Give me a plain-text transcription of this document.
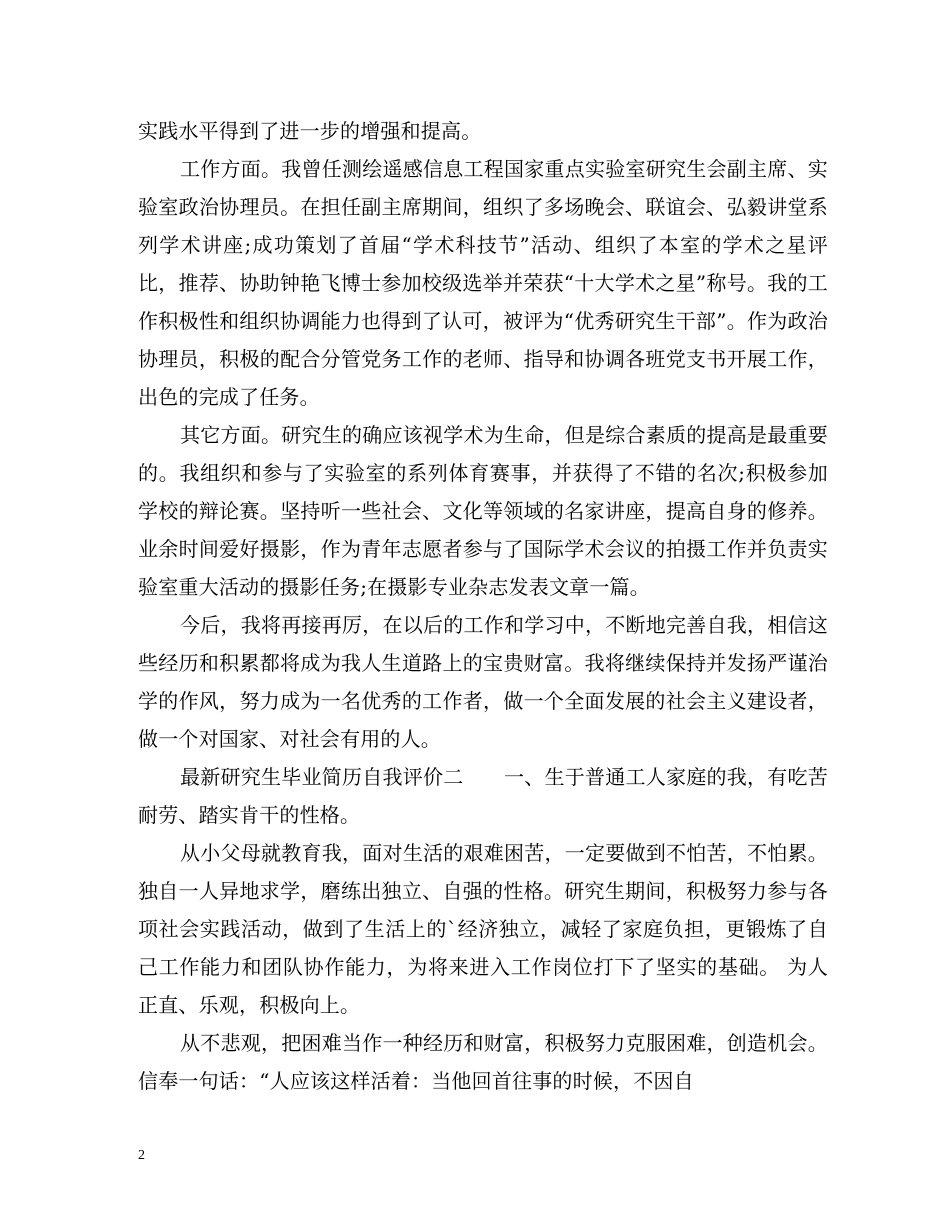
实践水平得到了进一步的增强和提高。

工作方面。我曾任测绘遥感信息工程国家重点实验室研究生会副主席、实验室政治协理员。在担任副主席期间，组织了多场晚会、联谊会、弘毅讲堂系列学术讲座;成功策划了首届“学术科技节”活动、组织了本室的学术之星评比，推荐、协助钟艳飞博士参加校级选举并荣获“十大学术之星”称号。我的工作积极性和组织协调能力也得到了认可，被评为“优秀研究生干部”。作为政治协理员，积极的配合分管党务工作的老师、指导和协调各班党支书开展工作，出色的完成了任务。

其它方面。研究生的确应该视学术为生命，但是综合素质的提高是最重要的。我组织和参与了实验室的系列体育赛事，并获得了不错的名次;积极参加学校的辩论赛。坚持听一些社会、文化等领域的名家讲座，提高自身的修养。业余时间爱好摄影，作为青年志愿者参与了国际学术会议的拍摄工作并负责实验室重大活动的摄影任务;在摄影专业杂志发表文章一篇。

今后，我将再接再厉，在以后的工作和学习中，不断地完善自我，相信这些经历和积累都将成为我人生道路上的宝贵财富。我将继续保持并发扬严谨治学的作风，努力成为一名优秀的工作者，做一个全面发展的社会主义建设者，做一个对国家、对社会有用的人。

最新研究生毕业简历自我评价二　　一、生于普通工人家庭的我，有吃苦耐劳、踏实肯干的性格。

从小父母就教育我，面对生活的艰难困苦，一定要做到不怕苦，不怕累。独自一人异地求学，磨练出独立、自强的性格。研究生期间，积极努力参与各项社会实践活动，做到了生活上的`经济独立，减轻了家庭负担，更锻炼了自己工作能力和团队协作能力，为将来进入工作岗位打下了坚实的基础。 为人正直、乐观，积极向上。

从不悲观，把困难当作一种经历和财富，积极努力克服困难，创造机会。信奉一句话：“人应该这样活着：当他回首往事的时候，不因自

2
